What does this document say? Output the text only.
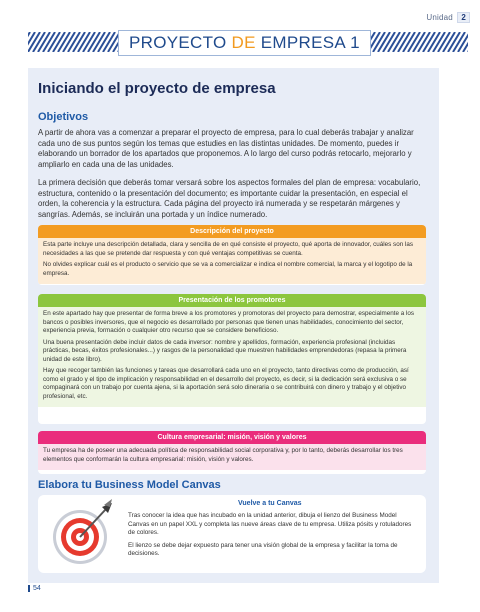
Unidad 2
PROYECTO DE EMPRESA 1
Iniciando el proyecto de empresa
Objetivos

A partir de ahora vas a comenzar a preparar el proyecto de empresa, para lo cual deberás trabajar y analizar cada uno de sus puntos según los temas que estudies en las distintas unidades. De momento, puedes ir elaborando un borrador de los apartados que proponemos. A lo largo del curso podrás retocarlo, mejorarlo y ampliarlo en cada una de las unidades.

La primera decisión que deberás tomar versará sobre los aspectos formales del plan de empresa: vocabulario, estructura, contenido o la presentación del documento; es importante cuidar la presentación, en especial el orden, la coherencia y la estructura. Cada página del proyecto irá numerada y se respetarán márgenes y sangrías. Además, se incluirán una portada y un índice numerado.

Descripción del proyecto

Esta parte incluye una descripción detallada, clara y sencilla de en qué consiste el proyecto, qué aporta de innovador, cuáles son las necesidades a las que se pretende dar respuesta y con qué ventajas competitivas se cuenta.

No olvides explicar cuál es el producto o servicio que se va a comercializar e indica el nombre comercial, la marca y el logotipo de la empresa.

Presentación de los promotores

En este apartado hay que presentar de forma breve a los promotores y promotoras del proyecto para demostrar, especialmente a los bancos o posibles inversores, que el negocio es desarrollado por personas que tienen unas habilidades, conocimiento del sector, experiencia previa, formación o cualquier otro recurso que se considere beneficioso.

Una buena presentación debe incluir datos de cada inversor: nombre y apellidos, formación, experiencia profesional (incluidas prácticas, becas, éxitos profesionales...) y rasgos de la personalidad que muestren habilidades emprendedoras (repasa la primera unidad de este libro).

Hay que recoger también las funciones y tareas que desarrollará cada uno en el proyecto, tanto directivas como de producción, así como el grado y el tipo de implicación y responsabilidad en el desarrollo del proyecto, es decir, si la dedicación será exclusiva o se compaginará con un trabajo por cuenta ajena, si la aportación será solo dineraria o se contribuirá con dinero y trabajo y el objetivo profesional, etc.

Cultura empresarial: misión, visión y valores

Tu empresa ha de poseer una adecuada política de responsabilidad social corporativa y, por lo tanto, deberás desarrollar los tres elementos que conformarán la cultura empresarial: misión, visión y valores.

Elabora tu Business Model Canvas
Vuelve a tu Canvas

Tras conocer la idea que has incubado en la unidad anterior, dibuja el lienzo del Business Model Canvas en un papel XXL y completa las nueve áreas clave de tu empresa. Utiliza pósits y rotuladores de colores.

El lienzo se debe dejar expuesto para tener una visión global de la empresa y facilitar la toma de decisiones.

54
